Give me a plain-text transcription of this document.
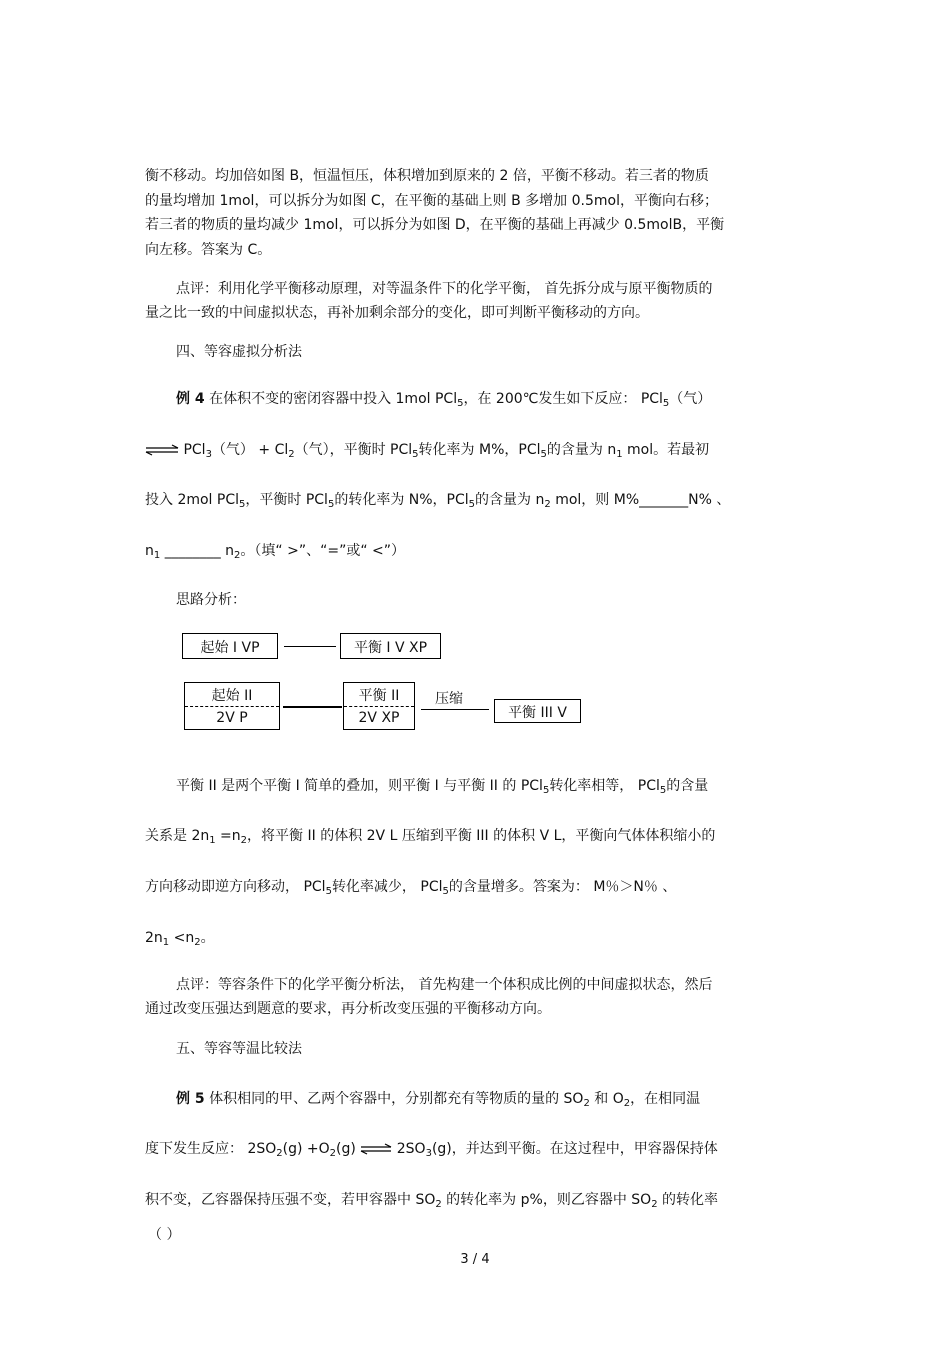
衡不移动。均加倍如图 B，恒温恒压，体积增加到原来的 2 倍，平衡不移动。若三者的物质
的量均增加 1mol，可以拆分为如图 C，在平衡的基础上则 B 多增加 0.5mol，平衡向右移；
若三者的物质的量均减少 1mol，可以拆分为如图 D，在平衡的基础上再减少 0.5molB，平衡
向左移。答案为 C。
点评：利用化学平衡移动原理，对等温条件下的化学平衡， 首先拆分成与原平衡物质的
量之比一致的中间虚拟状态，再补加剩余部分的变化，即可判断平衡移动的方向。
四、等容虚拟分析法
例 4 在体积不变的密闭容器中投入 1mol PCl$_5$，在 200℃发生如下反应： PCl$_5$（气）
⇌ PCl$_3$（气） + $Cl_2$（气），平衡时 PCl$_5$转化率为 M%，PCl$_5$的含量为 $n_1$ mol。若最初
投入 2mol PCl$_5$，平衡时 PCl$_5$的转化率为 N%，PCl$_5$的含量为 $n_2$ mol，则 M%_______N% 、
$n_1$ ________ $n_2$。（填“ >”、“=”或“ <”）
思路分析：
起始 I VP	平衡 I V XP
起始 II
2V P
平衡 II
2V XP
压缩
平衡 III V
平衡 II 是两个平衡 I 简单的叠加，则平衡 I 与平衡 II 的 PCl$_5$转化率相等， PCl$_5$的含量
关系是 $2n_1 =n_2$，将平衡 II 的体积 2V L 压缩到平衡 III 的体积 V L，平衡向气体体积缩小的
方向移动即逆方向移动， PCl$_5$转化率减少， PCl$_5$的含量增多。答案为： M％＞N％ 、
$2n_1 <n_2$。
点评：等容条件下的化学平衡分析法， 首先构建一个体积成比例的中间虚拟状态，然后
通过改变压强达到题意的要求，再分析改变压强的平衡移动方向。
五、等容等温比较法
例 5 体积相同的甲、乙两个容器中，分别都充有等物质的量的 $SO_2$ 和 $O_2$，在相同温
度下发生反应： $2SO_2(g) +O_2(g)$ ⇌ $2SO_3(g)$，并达到平衡。在这过程中，甲容器保持体
积不变，乙容器保持压强不变，若甲容器中 $SO_2$ 的转化率为 p%，则乙容器中 $SO_2$ 的转化率
（ ）
3 / 4
